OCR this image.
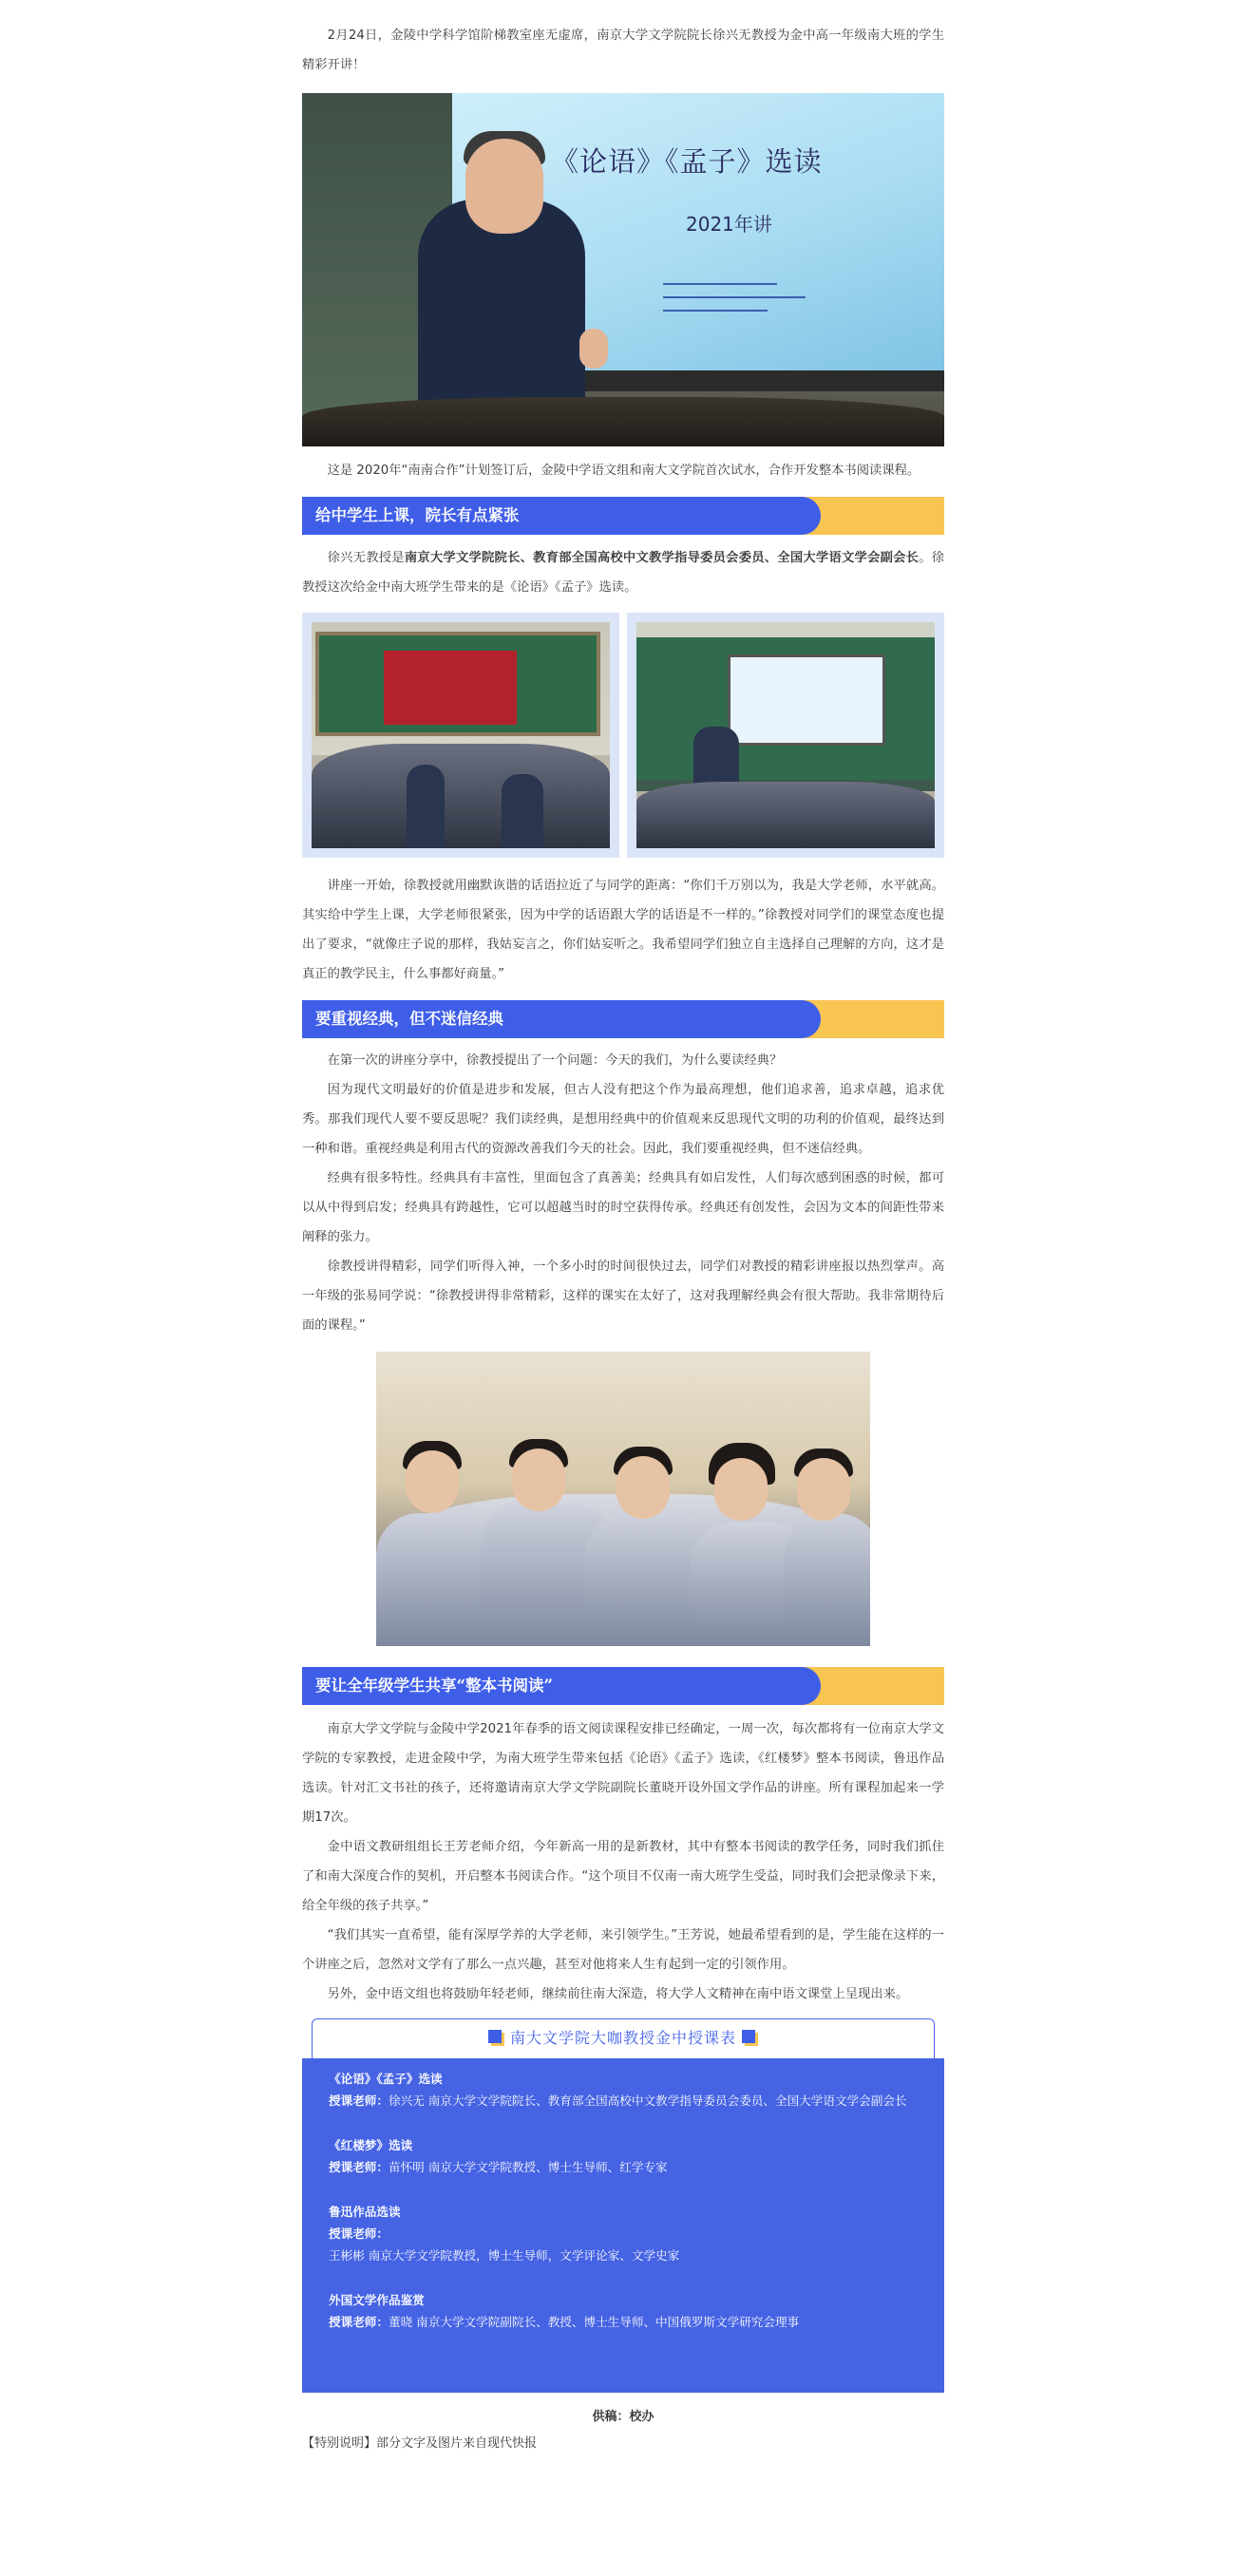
2月24日，金陵中学科学馆阶梯教室座无虚席，南京大学文学院院长徐兴无教授为金中高一年级南大班的学生精彩开讲！

《论语》《孟子》选读
2021年讲

这是 2020年“南南合作”计划签订后，金陵中学语文组和南大文学院首次试水，合作开发整本书阅读课程。

给中学生上课，院长有点紧张

徐兴无教授是南京大学文学院院长、教育部全国高校中文教学指导委员会委员、全国大学语文学会副会长。徐教授这次给金中南大班学生带来的是《论语》《孟子》选读。

讲座一开始，徐教授就用幽默诙谐的话语拉近了与同学的距离：“你们千万别以为，我是大学老师，水平就高。其实给中学生上课，大学老师很紧张，因为中学的话语跟大学的话语是不一样的。”徐教授对同学们的课堂态度也提出了要求，“就像庄子说的那样，我姑妄言之，你们姑妄听之。我希望同学们独立自主选择自己理解的方向，这才是真正的教学民主，什么事都好商量。”

要重视经典，但不迷信经典

在第一次的讲座分享中，徐教授提出了一个问题：今天的我们，为什么要读经典？

因为现代文明最好的价值是进步和发展，但古人没有把这个作为最高理想，他们追求善，追求卓越，追求优秀。那我们现代人要不要反思呢？我们读经典，是想用经典中的价值观来反思现代文明的功利的价值观，最终达到一种和谐。重视经典是利用古代的资源改善我们今天的社会。因此，我们要重视经典，但不迷信经典。

经典有很多特性。经典具有丰富性，里面包含了真善美；经典具有如启发性，人们每次感到困惑的时候，都可以从中得到启发；经典具有跨越性，它可以超越当时的时空获得传承。经典还有创发性，会因为文本的间距性带来阐释的张力。

徐教授讲得精彩，同学们听得入神，一个多小时的时间很快过去，同学们对教授的精彩讲座报以热烈掌声。高一年级的张易同学说：“徐教授讲得非常精彩，这样的课实在太好了，这对我理解经典会有很大帮助。我非常期待后面的课程。”

要让全年级学生共享“整本书阅读”

南京大学文学院与金陵中学2021年春季的语文阅读课程安排已经确定，一周一次，每次都将有一位南京大学文学院的专家教授，走进金陵中学，为南大班学生带来包括《论语》《孟子》选读，《红楼梦》整本书阅读，鲁迅作品选读。针对汇文书社的孩子，还将邀请南京大学文学院副院长董晓开设外国文学作品的讲座。所有课程加起来一学期17次。

金中语文教研组组长王芳老师介绍，今年新高一用的是新教材，其中有整本书阅读的教学任务，同时我们抓住了和南大深度合作的契机，开启整本书阅读合作。“这个项目不仅南一南大班学生受益，同时我们会把录像录下来，给全年级的孩子共享。”

“我们其实一直希望，能有深厚学养的大学老师，来引领学生。”王芳说，她最希望看到的是，学生能在这样的一个讲座之后，忽然对文学有了那么一点兴趣，甚至对他将来人生有起到一定的引领作用。

另外，金中语文组也将鼓励年轻老师，继续前往南大深造，将大学人文精神在南中语文课堂上呈现出来。

南大文学院大咖教授金中授课表
《论语》《孟子》选读
授课老师：徐兴无 南京大学文学院院长、教育部全国高校中文教学指导委员会委员、全国大学语文学会副会长
《红楼梦》选读
授课老师：苗怀明 南京大学文学院教授、博士生导师、红学专家
鲁迅作品选读
授课老师：
王彬彬 南京大学文学院教授，博士生导师，文学评论家、文学史家
外国文学作品鉴赏
授课老师：董晓 南京大学文学院副院长、教授、博士生导师、中国俄罗斯文学研究会理事
供稿：校办
【特别说明】部分文字及图片来自现代快报
